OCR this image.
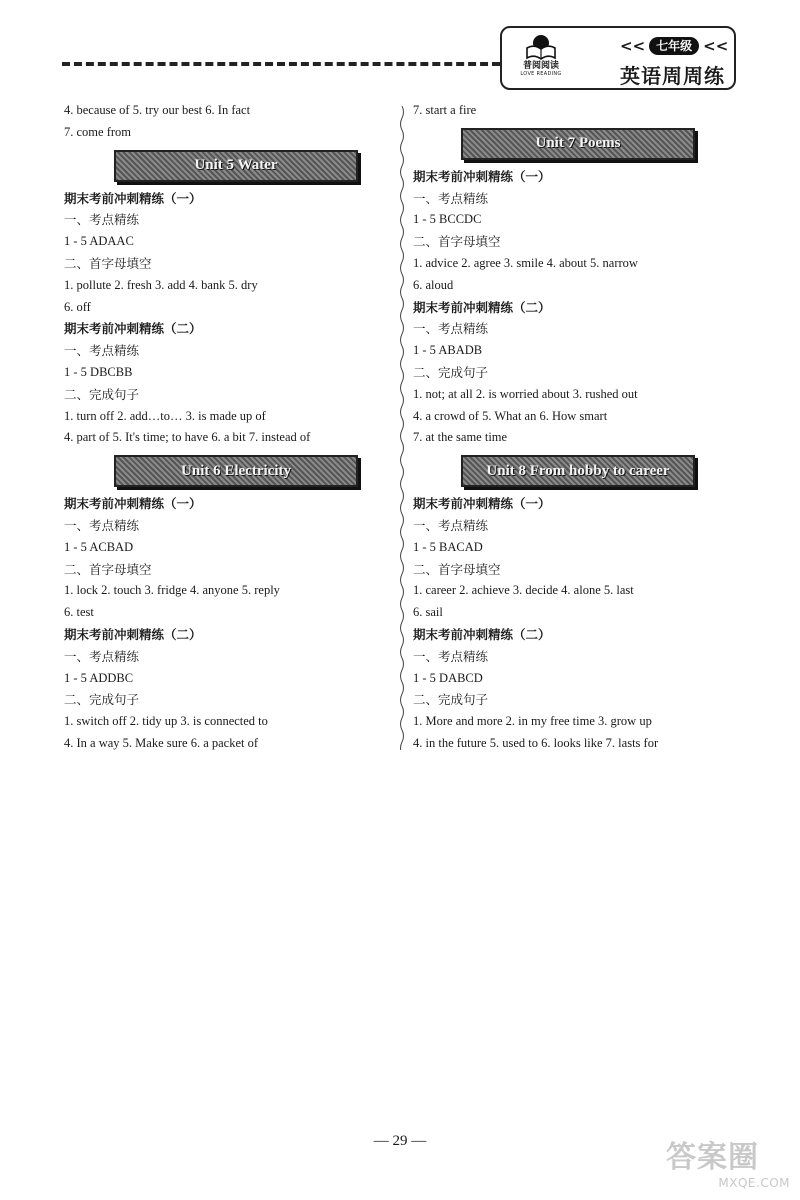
普阅阅读
LOVE READING
<< 七年级 <<
英语周周练
4. because of 5. try our best 6. In fact
7. come from
Unit 5 Water
期末考前冲刺精练（一）
一、考点精练
1 - 5 ADAAC
二、首字母填空
1. pollute 2. fresh 3. add 4. bank 5. dry
6. off
期末考前冲刺精练（二）
一、考点精练
1 - 5 DBCBB
二、完成句子
1. turn off 2. add…to… 3. is made up of
4. part of 5. It's time; to have 6. a bit 7. instead of
Unit 6 Electricity
期末考前冲刺精练（一）
一、考点精练
1 - 5 ACBAD
二、首字母填空
1. lock 2. touch 3. fridge 4. anyone 5. reply
6. test
期末考前冲刺精练（二）
一、考点精练
1 - 5 ADDBC
二、完成句子
1. switch off 2. tidy up 3. is connected to
4. In a way 5. Make sure 6. a packet of
7. start a fire
Unit 7 Poems
期末考前冲刺精练（一）
一、考点精练
1 - 5 BCCDC
二、首字母填空
1. advice 2. agree 3. smile 4. about 5. narrow
6. aloud
期末考前冲刺精练（二）
一、考点精练
1 - 5 ABADB
二、完成句子
1. not; at all 2. is worried about 3. rushed out
4. a crowd of 5. What an 6. How smart
7. at the same time
Unit 8 From hobby to career
期末考前冲刺精练（一）
一、考点精练
1 - 5 BACAD
二、首字母填空
1. career 2. achieve 3. decide 4. alone 5. last
6. sail
期末考前冲刺精练（二）
一、考点精练
1 - 5 DABCD
二、完成句子
1. More and more 2. in my free time 3. grow up
4. in the future 5. used to 6. looks like 7. lasts for
— 29 —	答案圈
MXQE.COM
